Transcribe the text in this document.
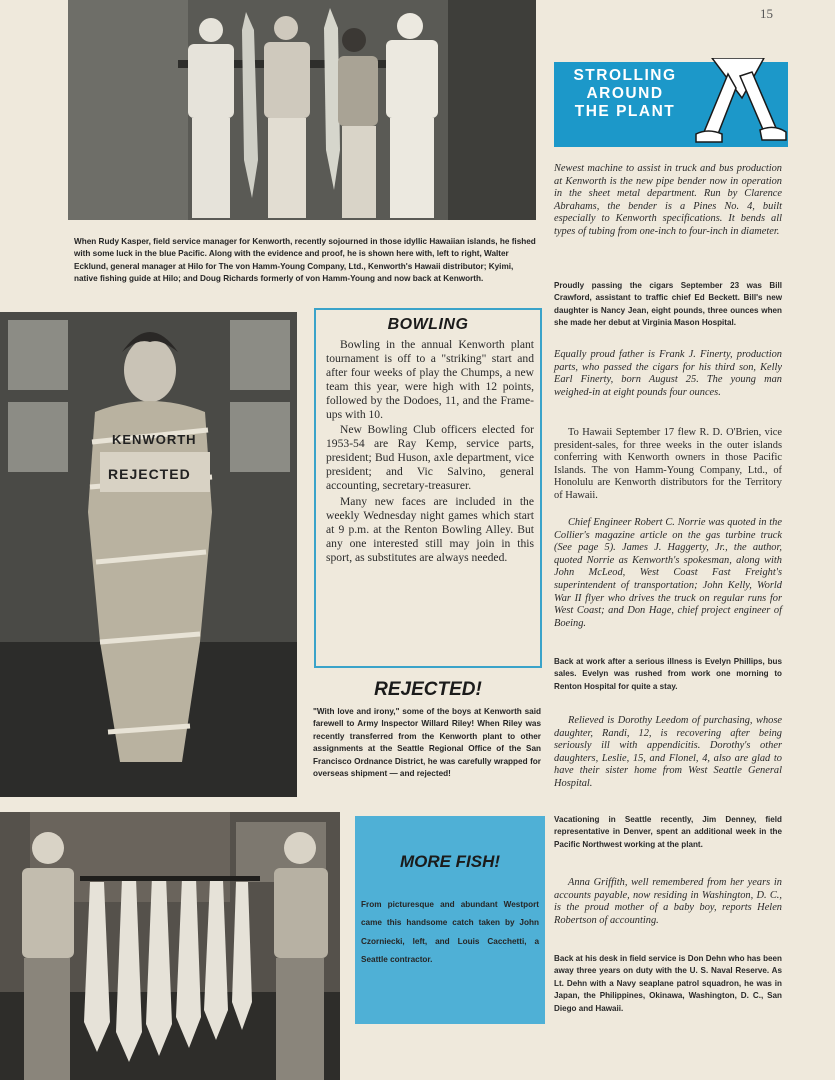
15
When Rudy Kasper, field service manager for Kenworth, recently sojourned in those idyllic Hawaiian islands, he fished with some luck in the blue Pacific. Along with the evidence and proof, he is shown here with, left to right, Walter Ecklund, general manager at Hilo for The von Hamm-Young Company, Ltd., Kenworth's Hawaii distributor; Kyimi, native fishing guide at Hilo; and Doug Richards formerly of von Hamm-Young and now back at Kenworth.
KENWORTH
REJECTED
BOWLING

Bowling in the annual Kenworth plant tournament is off to a "striking" start and after four weeks of play the Chumps, a new team this year, were high with 12 points, followed by the Dodoes, 11, and the Frame-ups with 10.

New Bowling Club officers elected for 1953-54 are Ray Kemp, service parts, president; Bud Huson, axle department, vice president; and Vic Salvino, general accounting, secretary-treasurer.

Many new faces are included in the weekly Wednesday night games which start at 9 p.m. at the Renton Bowling Alley. But any one interested still may join in this sport, as substitutes are always needed.

REJECTED!
"With love and irony," some of the boys at Kenworth said farewell to Army Inspector Willard Riley! When Riley was recently transferred from the Kenworth plant to other assignments at the Seattle Regional Office of the San Francisco Ordnance District, he was carefully wrapped for overseas shipment — and rejected!
MORE FISH!
From picturesque and abundant Westport came this handsome catch taken by John Czorniecki, left, and Louis Cacchetti, a Seattle contractor.
STROLLING
AROUND
THE PLANT
Newest machine to assist in truck and bus production at Kenworth is the new pipe bender now in operation in the sheet metal department. Run by Clarence Abrahams, the bender is a Pines No. 4, built especially to Kenworth specifications. It bends all types of tubing from one-inch to four-inch in diameter.
Proudly passing the cigars September 23 was Bill Crawford, assistant to traffic chief Ed Beckett. Bill's new daughter is Nancy Jean, eight pounds, three ounces when she made her debut at Virginia Mason Hospital.
Equally proud father is Frank J. Finerty, production parts, who passed the cigars for his third son, Kelly Earl Finerty, born August 25. The young man weighed-in at eight pounds four ounces.
To Hawaii September 17 flew R. D. O'Brien, vice president-sales, for three weeks in the outer islands conferring with Kenworth owners in those Pacific Islands. The von Hamm-Young Company, Ltd., of Honolulu are Kenworth distributors for the Territory of Hawaii.
Chief Engineer Robert C. Norrie was quoted in the Collier's magazine article on the gas turbine truck (See page 5). James J. Haggerty, Jr., the author, quoted Norrie as Kenworth's spokesman, along with John McLeod, West Coast Fast Freight's superintendent of transportation; John Kelly, World War II flyer who drives the truck on regular runs for West Coast; and Don Hage, chief project engineer of Boeing.
Back at work after a serious illness is Evelyn Phillips, bus sales. Evelyn was rushed from work one morning to Renton Hospital for quite a stay.
Relieved is Dorothy Leedom of purchasing, whose daughter, Randi, 12, is recovering after being seriously ill with appendicitis. Dorothy's other daughters, Leslie, 15, and Flonel, 4, also are glad to have their sister home from West Seattle General Hospital.
Vacationing in Seattle recently, Jim Denney, field representative in Denver, spent an additional week in the Pacific Northwest working at the plant.
Anna Griffith, well remembered from her years in accounts payable, now residing in Washington, D. C., is the proud mother of a baby boy, reports Helen Robertson of accounting.
Back at his desk in field service is Don Dehn who has been away three years on duty with the U. S. Naval Reserve. As Lt. Dehn with a Navy seaplane patrol squadron, he was in Japan, the Philippines, Okinawa, Washington, D. C., San Diego and Hawaii.
